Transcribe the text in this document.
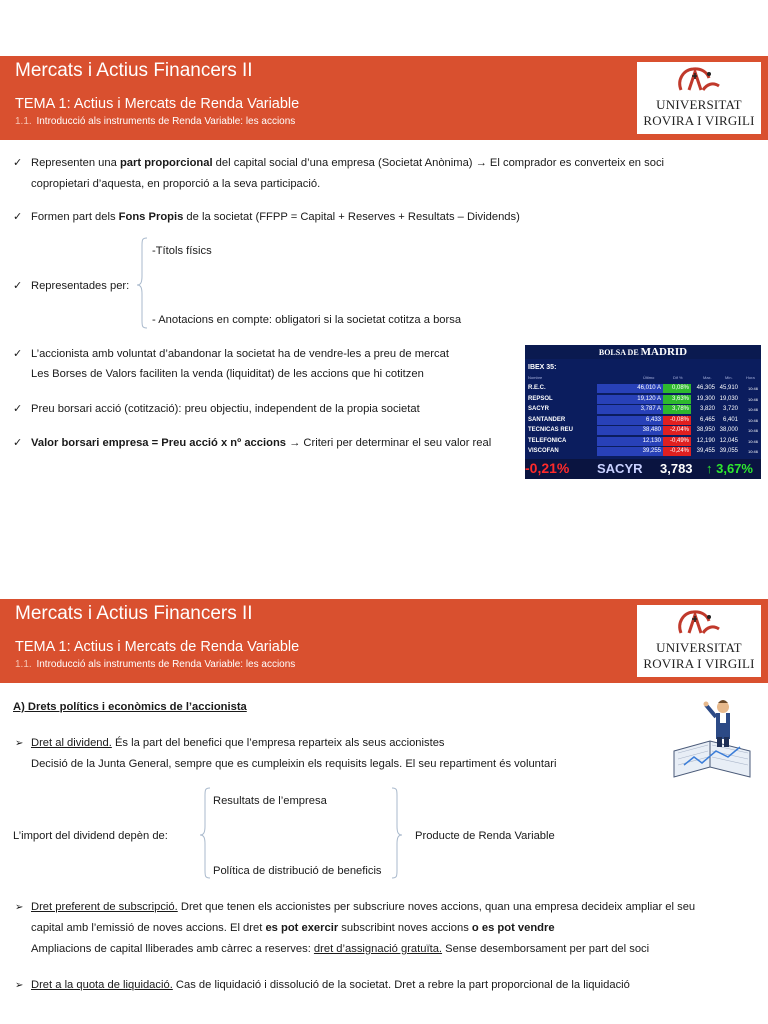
Mercats i Actius Financers II
TEMA 1: Actius i Mercats de Renda Variable
1.1. Introducció als instruments de Renda Variable: les accions
UNIVERSITAT
ROVIRA I VIRGILI
✓ Representen una part proporcional del capital social d’una empresa (Societat Anònima) → El comprador es converteix en soci
copropietari d’aquesta, en proporció a la seva participació.
✓ Formen part dels Fons Propis de la societat (FFPP = Capital + Reserves + Resultats – Dividends)
-Títols físics
✓ Representades per:
- Anotacions en compte: obligatori si la societat cotitza a borsa
✓ L’accionista amb voluntat d’abandonar la societat ha de vendre-les a preu de mercat
Les Borses de Valors faciliten la venda (liquiditat) de les accions que hi cotitzen
✓ Preu borsari acció (cotització): preu objectiu, independent de la propia societat
✓ Valor borsari empresa = Preu acció x nº accions → Criteri per determinar el seu valor real
BOLSA DE MADRID
IBEX 35:
Nombre	Último	Dif %	Max.	Min.	Hora
R.E.C.	46,010 A	0,08%	46,305 45,910	10:46
REPSOL	19,120 A	3,63%	19,300 19,030	10:46
SACYR	3,787 A	3,78%	3,820	3,720	10:46
SANTANDER	6,433	-0,08%	6,465	6,401	10:46
TECNICAS REU	38,480	-2,04%	38,950 38,000	10:46
TELEFONICA	12,130	-0,49%	12,190 12,045	10:46
VISCOFAN	39,255	-0,24%	39,455 39,055	10:46
-0,21% SACYR 3,783 ↑ 3,67%
Mercats i Actius Financers II
TEMA 1: Actius i Mercats de Renda Variable
1.1. Introducció als instruments de Renda Variable: les accions
UNIVERSITAT
ROVIRA I VIRGILI
A) Drets polítics i econòmics de l’accionista
➢ Dret al dividend. És la part del benefici que l’empresa reparteix als seus accionistes
Decisió de la Junta General, sempre que es cumpleixin els requisits legals. El seu repartiment és voluntari
Resultats de l’empresa
L’import del dividend depèn de:	Producte de Renda Variable
Política de distribució de beneficis
➢ Dret preferent de subscripció. Dret que tenen els accionistes per subscriure noves accions, quan una empresa decideix ampliar el seu
capital amb l’emissió de noves accions. El dret es pot exercir subscribint noves accions o es pot vendre
Ampliacions de capital lliberades amb càrrec a reserves: dret d’assignació gratuïta. Sense desemborsament per part del soci
➢ Dret a la quota de liquidació. Cas de liquidació i dissolució de la societat. Dret a rebre la part proporcional de la liquidació
